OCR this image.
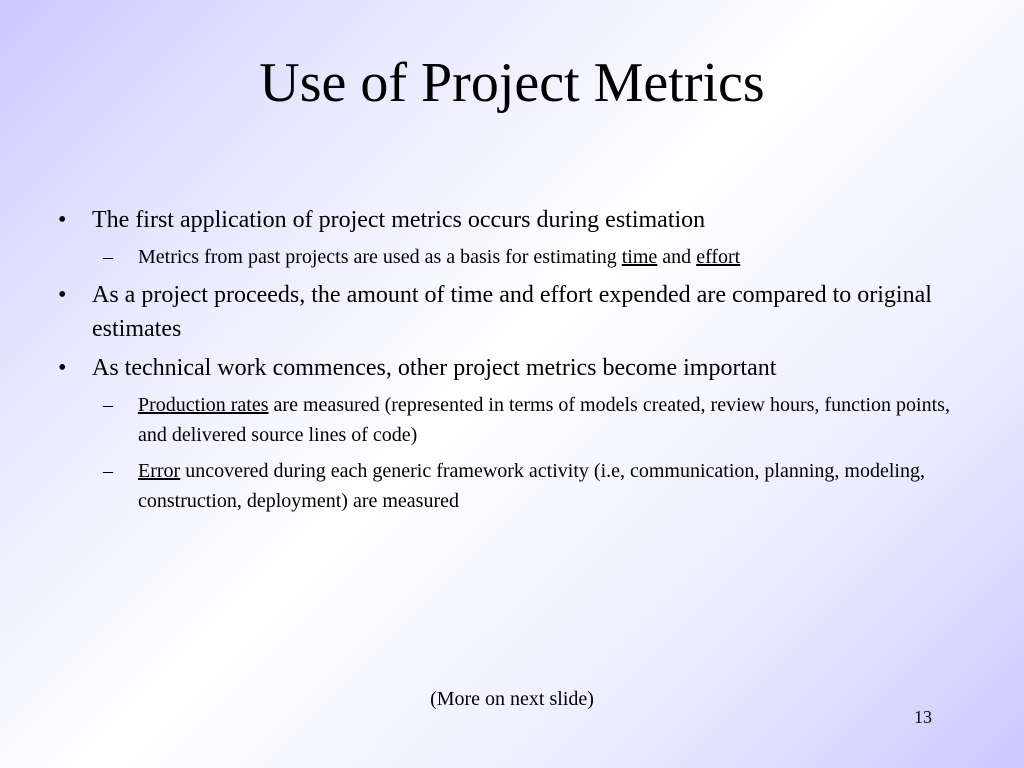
Use of Project Metrics
• The first application of project metrics occurs during estimation
– Metrics from past projects are used as a basis for estimating time and effort
• As a project proceeds, the amount of time and effort expended are compared to original estimates
• As technical work commences, other project metrics become important
– Production rates are measured (represented in terms of models created, review hours, function points, and delivered source lines of code)
– Error uncovered during each generic framework activity (i.e, communication, planning, modeling, construction, deployment) are measured
(More on next slide)
13
